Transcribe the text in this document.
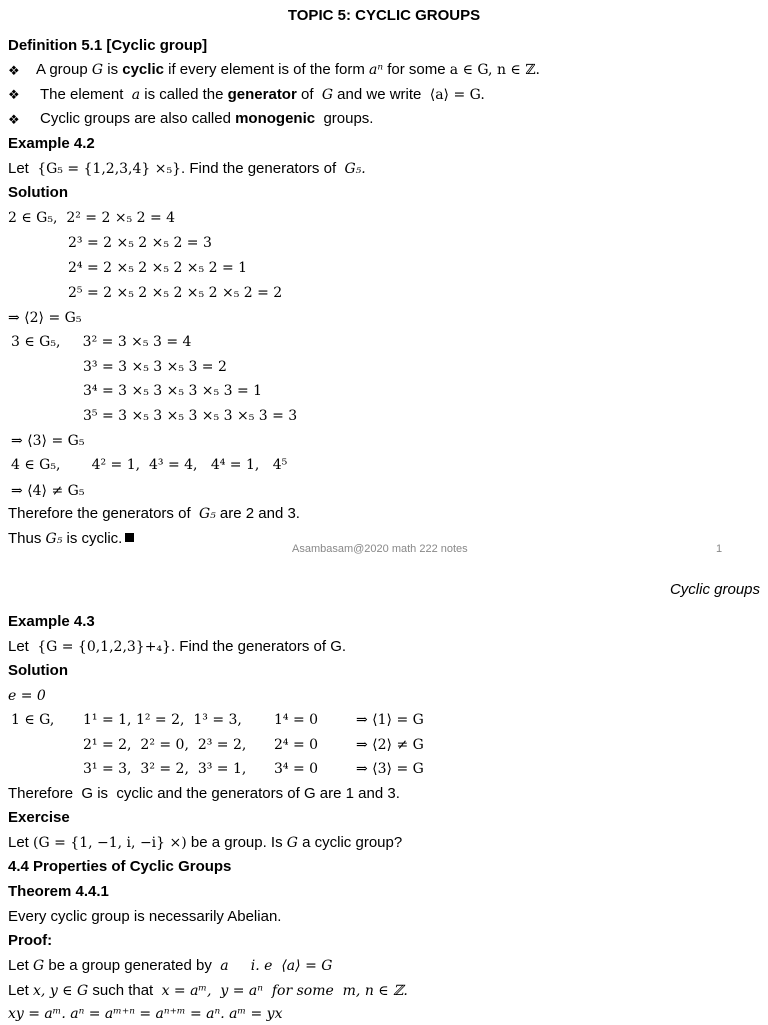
TOPIC 5: CYCLIC GROUPS
Definition 5.1 [Cyclic group]
❖ A group G is cyclic if every element is of the form aⁿ for some a ∈ G, n ∈ ℤ.
❖ The element  a is called the generator of  G and we write  ⟨a⟩ = G.
❖ Cyclic groups are also called monogenic  groups.
Example 4.2
Let  {G₅ = {1,2,3,4} ×₅}. Find the generators of  G₅.
Solution
2 ∈ G₅,  2² = 2 ×₅ 2 = 4
2³ = 2 ×₅ 2 ×₅ 2 = 3
2⁴ = 2 ×₅ 2 ×₅ 2 ×₅ 2 = 1
2⁵ = 2 ×₅ 2 ×₅ 2 ×₅ 2 ×₅ 2 = 2
⇒ ⟨2⟩ = G₅
3 ∈ G₅,     3² = 3 ×₅ 3 = 4
3³ = 3 ×₅ 3 ×₅ 3 = 2
3⁴ = 3 ×₅ 3 ×₅ 3 ×₅ 3 = 1
3⁵ = 3 ×₅ 3 ×₅ 3 ×₅ 3 ×₅ 3 = 3
⇒ ⟨3⟩ = G₅
4 ∈ G₅,       4² = 1,  4³ = 4,   4⁴ = 1,   4⁵
⇒ ⟨4⟩ ≠ G₅
Therefore the generators of  G₅ are 2 and 3.
Thus G₅ is cyclic.
Asambasam@2020 math 222 notes	1
Cyclic groups
Example 4.3
Let  {G = {0,1,2,3}+₄}. Find the generators of G.
Solution
e = 0
1 ∈ G, 1¹ = 1, 1² = 2,  1³ = 3, 1⁴ = 0	⇒ ⟨1⟩ = G
2¹ = 2,  2² = 0,  2³ = 2, 2⁴ = 0	⇒ ⟨2⟩ ≠ G
3¹ = 3,  3² = 2,  3³ = 1, 3⁴ = 0	⇒ ⟨3⟩ = G
Therefore  G is  cyclic and the generators of G are 1 and 3.
Exercise
Let (G = {1, −1, i, −i} ×) be a group. Is G a cyclic group?
4.4 Properties of Cyclic Groups
Theorem 4.4.1
Every cyclic group is necessarily Abelian.
Proof:
Let G be a group generated by  a     i. e  ⟨a⟩ = G
Let x, y ∈ G such that  x = aᵐ,  y = aⁿ  for some  m, n ∈ ℤ.
xy = aᵐ. aⁿ = aᵐ⁺ⁿ = aⁿ⁺ᵐ = aⁿ. aᵐ = yx
